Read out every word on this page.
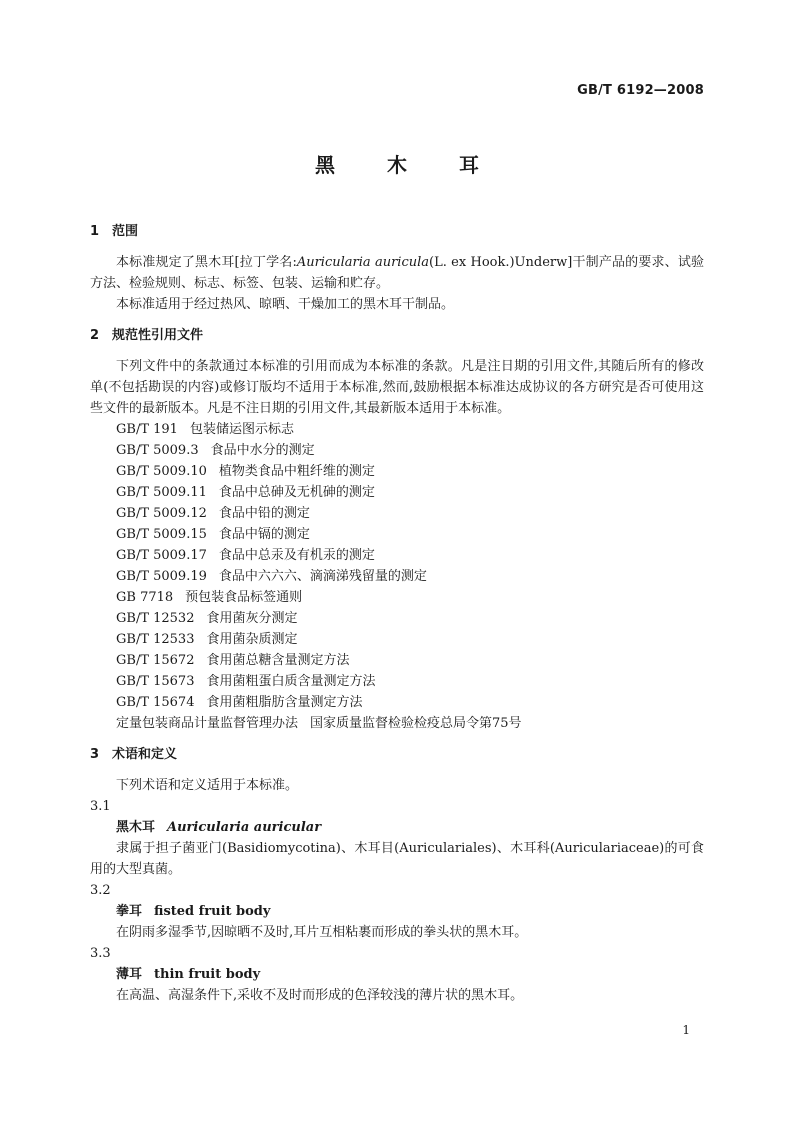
GB/T 6192—2008
黑	木	耳
1 范围

本标准规定了黑木耳[拉丁学名:Auricularia auricula(L. ex Hook.)Underw]干制产品的要求、试验方法、检验规则、标志、标签、包装、运输和贮存。

本标准适用于经过热风、晾晒、干燥加工的黑木耳干制品。

2 规范性引用文件

下列文件中的条款通过本标准的引用而成为本标准的条款。凡是注日期的引用文件,其随后所有的修改单(不包括勘误的内容)或修订版均不适用于本标准,然而,鼓励根据本标准达成协议的各方研究是否可使用这些文件的最新版本。凡是不注日期的引用文件,其最新版本适用于本标准。

GB/T 191 包装储运图示标志
GB/T 5009.3 食品中水分的测定
GB/T 5009.10 植物类食品中粗纤维的测定
GB/T 5009.11 食品中总砷及无机砷的测定
GB/T 5009.12 食品中铅的测定
GB/T 5009.15 食品中镉的测定
GB/T 5009.17 食品中总汞及有机汞的测定
GB/T 5009.19 食品中六六六、滴滴涕残留量的测定
GB 7718 预包装食品标签通则
GB/T 12532 食用菌灰分测定
GB/T 12533 食用菌杂质测定
GB/T 15672 食用菌总糖含量测定方法
GB/T 15673 食用菌粗蛋白质含量测定方法
GB/T 15674 食用菌粗脂肪含量测定方法
定量包装商品计量监督管理办法 国家质量监督检验检疫总局令第75号
3 术语和定义

下列术语和定义适用于本标准。

3.1
黑木耳 Auricularia auricular

隶属于担子菌亚门(Basidiomycotina)、木耳目(Auriculariales)、木耳科(Auriculariaceae)的可食用的大型真菌。

3.2
拳耳 fisted fruit body

在阴雨多湿季节,因晾晒不及时,耳片互相粘裹而形成的拳头状的黑木耳。

3.3
薄耳 thin fruit body

在高温、高湿条件下,采收不及时而形成的色泽较浅的薄片状的黑木耳。

1
